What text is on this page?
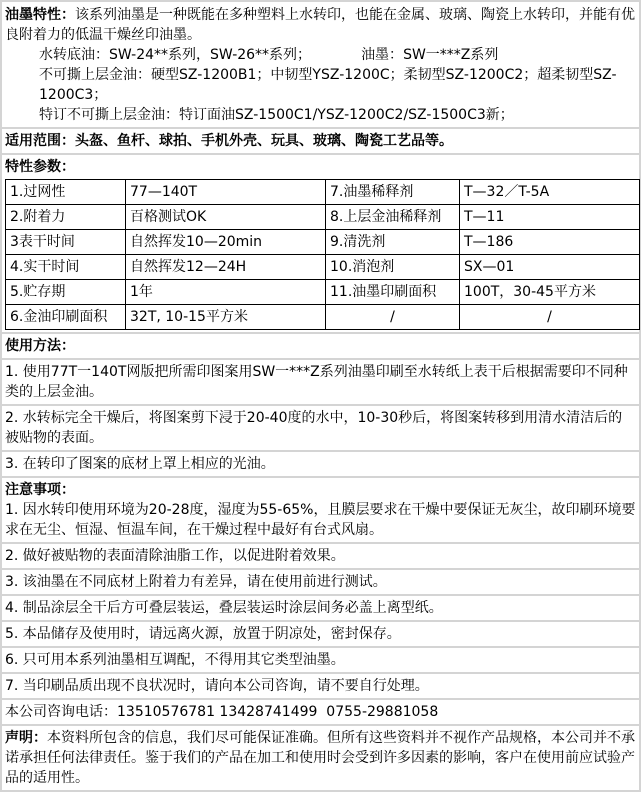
油墨特性：该系列油墨是一种既能在多种塑料上水转印，也能在金属、玻璃、陶瓷上水转印，并能有优良附着力的低温干燥丝印油墨。
水转底油：SW-24**系列，SW-26**系列；	油墨：SW一***Z系列
不可撕上层金油：硬型SZ-1200B1；中韧型YSZ-1200C；柔韧型SZ-1200C2；超柔韧型SZ-1200C3；
特订不可撕上层金油：特订面油SZ-1500C1/YSZ-1200C2/SZ-1500C3新；
适用范围：头盔、鱼杆、球拍、手机外壳、玩具、玻璃、陶瓷工艺品等。
特性参数：
1.过网性	77—140T	7.油墨稀释剂	T—32／T-5A
2.附着力	百格测试OK	8.上层金油稀释剂	T—11
3表干时间	自然挥发10—20min	9.清洗剂	T—186
4.实干时间	自然挥发12—24H	10.消泡剂	SX—01
5.贮存期	1年	11.油墨印刷面积	100T，30-45平方米
6.金油印刷面积	32T, 10-15平方米	/	/
使用方法：
1. 使用77T一140T网版把所需印图案用SW一***Z系列油墨印刷至水转纸上表干后根据需要印不同种类的上层金油。
2. 水转标完全干燥后，将图案剪下浸于20-40度的水中，10-30秒后，将图案转移到用清水清洁后的被贴物的表面。
3. 在转印了图案的底材上罩上相应的光油。
注意事项：
1. 因水转印使用环境为20-28度，湿度为55-65%，且膜层要求在干燥中要保证无灰尘，故印刷环境要求在无尘、恒湿、恒温车间，在干燥过程中最好有台式风扇。
2. 做好被贴物的表面清除油脂工作，以促进附着效果。
3. 该油墨在不同底材上附着力有差异，请在使用前进行测试。
4. 制品涂层全干后方可叠层装运，叠层装运时涂层间务必盖上离型纸。
5. 本品储存及使用时，请远离火源，放置于阴凉处，密封保存。
6. 只可用本系列油墨相互调配，不得用其它类型油墨。
7. 当印刷品质出现不良状况时，请向本公司咨询，请不要自行处理。
本公司咨询电话：13510576781 13428741499  0755-29881058
声明：本资料所包含的信息，我们尽可能保证准确。但所有这些资料并不视作产品规格，本公司并不承诺承担任何法律责任。鉴于我们的产品在加工和使用时会受到许多因素的影响，客户在使用前应试验产品的适用性。
